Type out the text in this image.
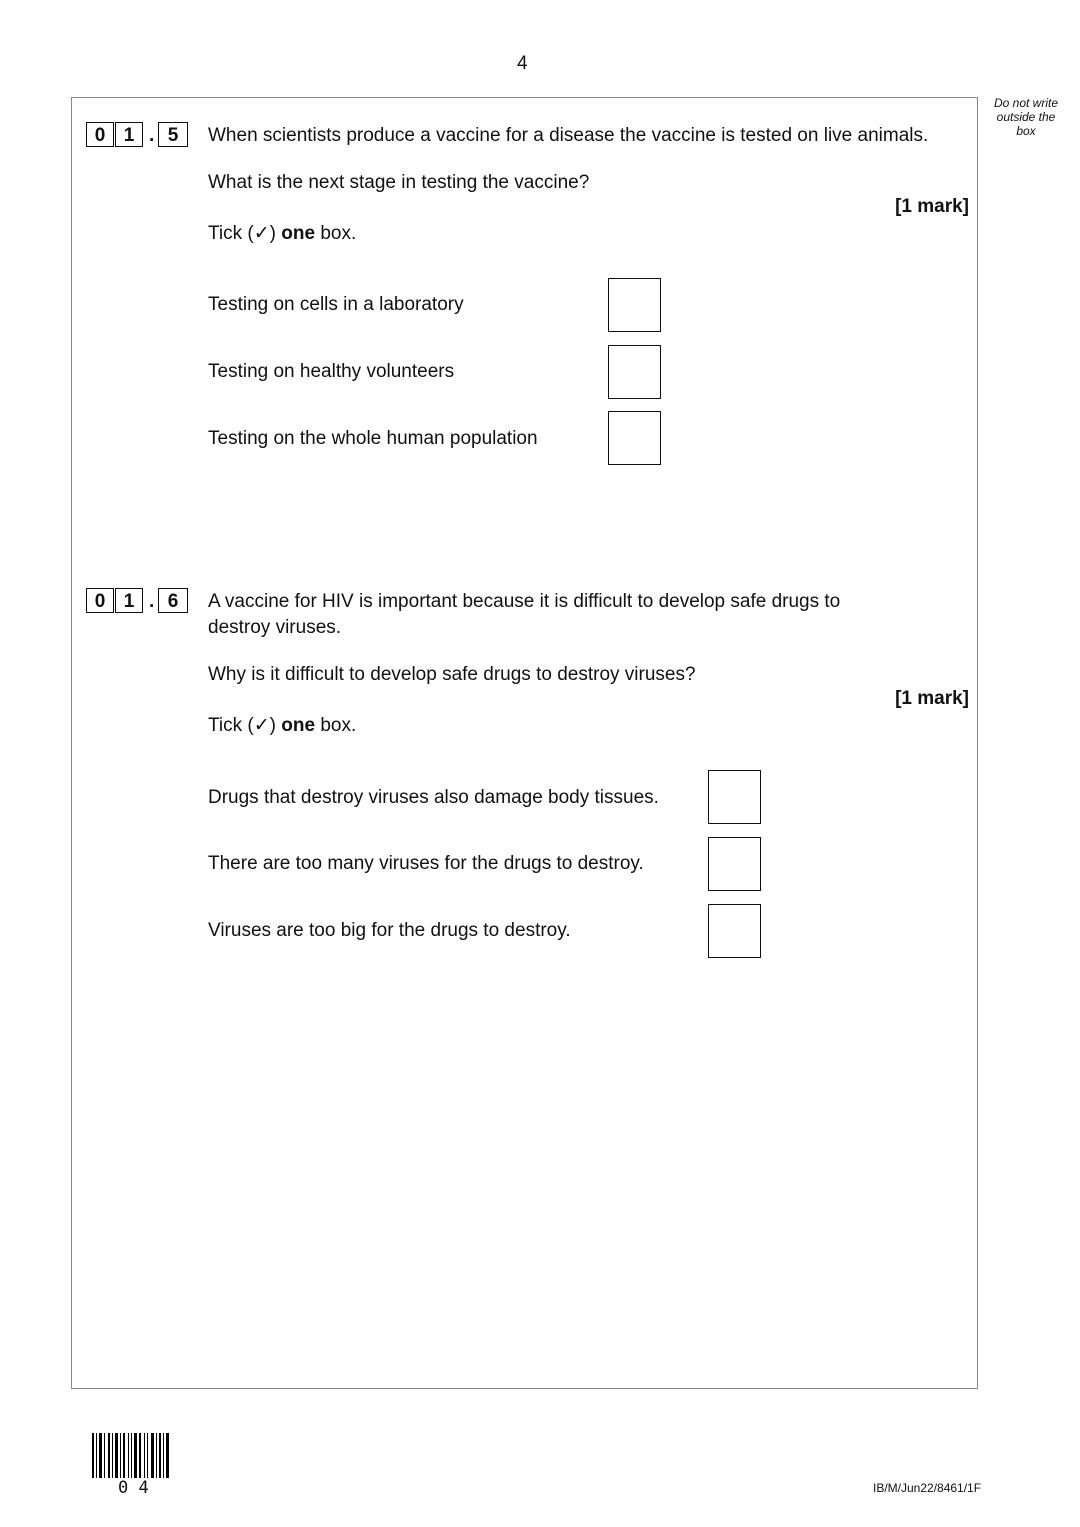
4
Do not write outside the box
0 1 . 5	When scientists produce a vaccine for a disease the vaccine is tested on live animals.
What is the next stage in testing the vaccine?
[1 mark]
Tick (✓) one box.
Testing on cells in a laboratory
Testing on healthy volunteers
Testing on the whole human population
0 1 . 6	A vaccine for HIV is important because it is difficult to develop safe drugs to
destroy viruses.
Why is it difficult to develop safe drugs to destroy viruses?
[1 mark]
Tick (✓) one box.
Drugs that destroy viruses also damage body tissues.
There are too many viruses for the drugs to destroy.
Viruses are too big for the drugs to destroy.
0 4	IB/M/Jun22/8461/1F
